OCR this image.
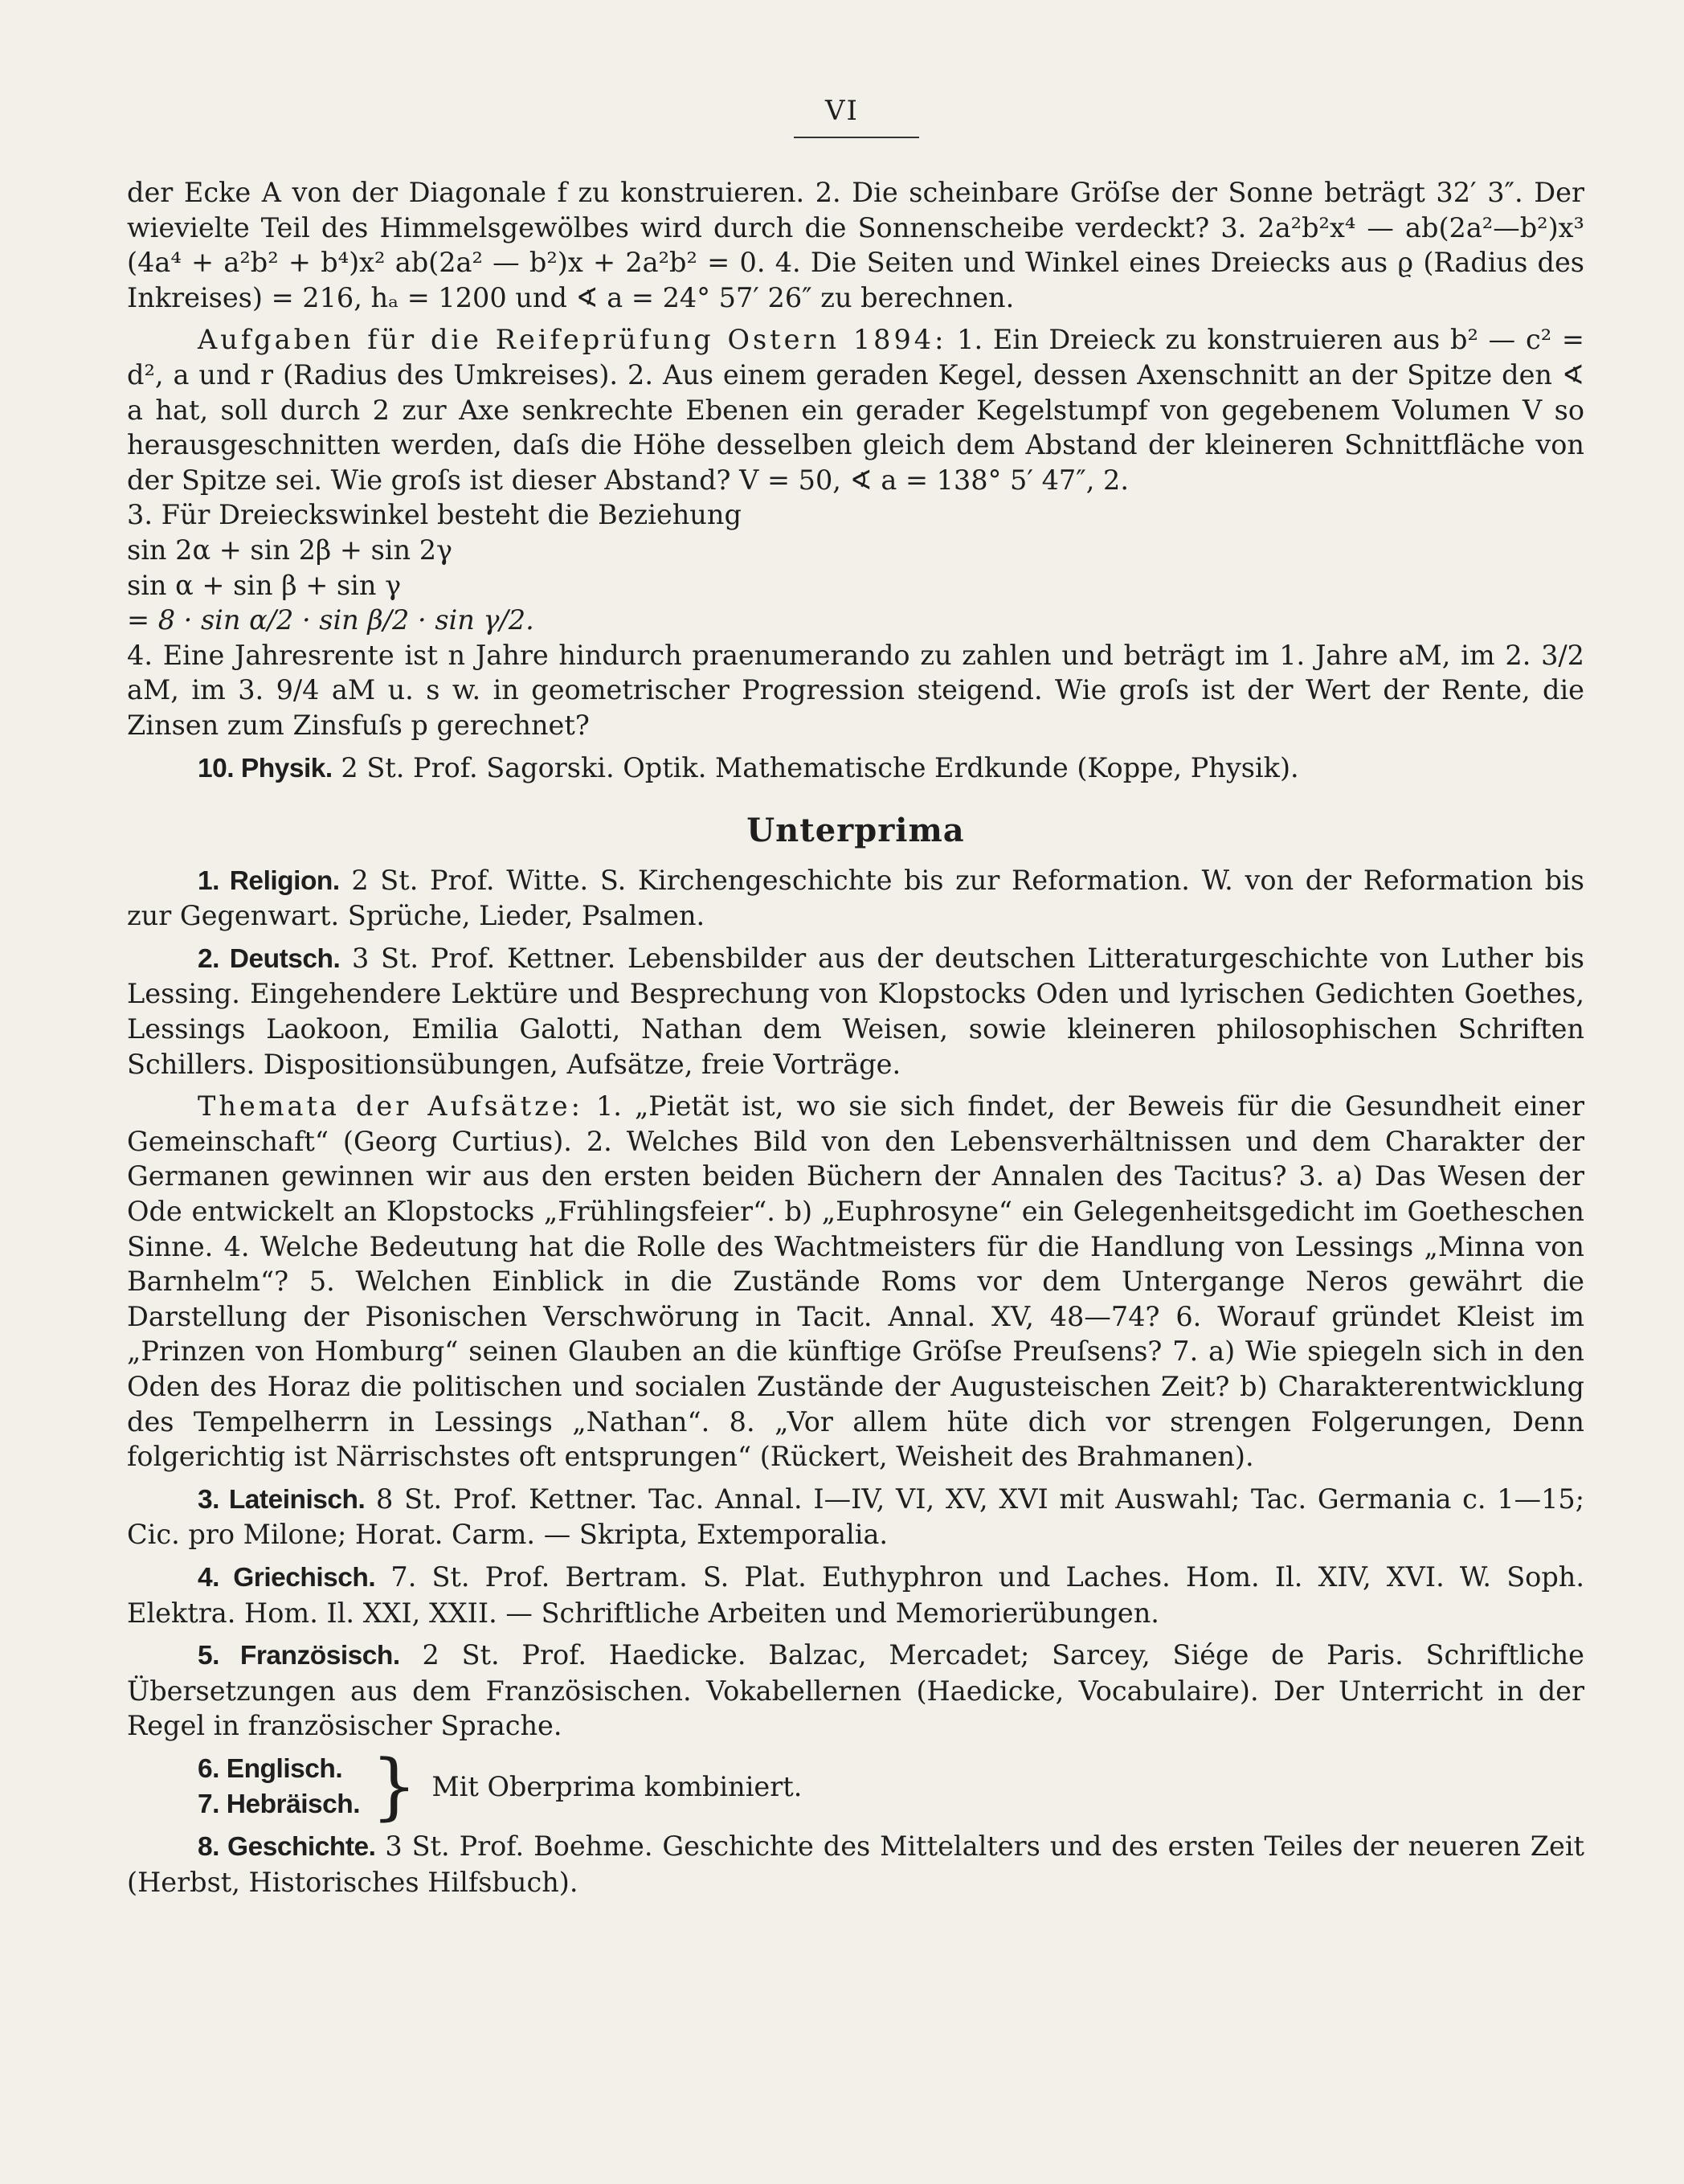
VI

der Ecke A von der Diagonale f zu konstruieren. 2. Die scheinbare Gröſse der Sonne beträgt 32′ 3″. Der wievielte Teil des Himmelsgewölbes wird durch die Sonnenscheibe verdeckt? 3. 2a²b²x⁴ — ab(2a²—b²)x³ (4a⁴ + a²b² + b⁴)x² ab(2a² — b²)x + 2a²b² = 0. 4. Die Seiten und Winkel eines Dreiecks aus ϱ (Radius des Inkreises) = 216, hₐ = 1200 und ∢ a = 24° 57′ 26″ zu berechnen.

Aufgaben für die Reifeprüfung Ostern 1894: 1. Ein Dreieck zu konstruieren aus b² — c² = d², a und r (Radius des Umkreises). 2. Aus einem geraden Kegel, dessen Axenschnitt an der Spitze den ∢ a hat, soll durch 2 zur Axe senkrechte Ebenen ein gerader Kegelstumpf von gegebenem Volumen V so herausgeschnitten werden, daſs die Höhe desselben gleich dem Abstand der kleineren Schnittfläche von der Spitze sei. Wie groſs ist dieser Abstand? V = 50, ∢ a = 138° 5′ 47″, 2.

3. Für Dreieckswinkel besteht die Beziehung

sin 2α + sin 2β + sin 2γ
sin α + sin β + sin γ
= 8 · sin α/2 · sin β/2 · sin γ/2.

4. Eine Jahresrente ist n Jahre hindurch praenumerando zu zahlen und beträgt im 1. Jahre aM, im 2. 3/2 aM, im 3. 9/4 aM u. s w. in geometrischer Progression steigend. Wie groſs ist der Wert der Rente, die Zinsen zum Zinsfuſs p gerechnet?

10. Physik. 2 St. Prof. Sagorski. Optik. Mathematische Erdkunde (Koppe, Physik).

Unterprima

1. Religion. 2 St. Prof. Witte. S. Kirchengeschichte bis zur Reformation. W. von der Reformation bis zur Gegenwart. Sprüche, Lieder, Psalmen.

2. Deutsch. 3 St. Prof. Kettner. Lebensbilder aus der deutschen Litteraturgeschichte von Luther bis Lessing. Eingehendere Lektüre und Besprechung von Klopstocks Oden und lyrischen Gedichten Goethes, Lessings Laokoon, Emilia Galotti, Nathan dem Weisen, sowie kleineren philosophischen Schriften Schillers. Dispositionsübungen, Aufsätze, freie Vorträge.

Themata der Aufsätze: 1. „Pietät ist, wo sie sich findet, der Beweis für die Gesundheit einer Gemeinschaft“ (Georg Curtius). 2. Welches Bild von den Lebensverhältnissen und dem Charakter der Germanen gewinnen wir aus den ersten beiden Büchern der Annalen des Tacitus? 3. a) Das Wesen der Ode entwickelt an Klopstocks „Frühlingsfeier“. b) „Euphrosyne“ ein Gelegenheitsgedicht im Goetheschen Sinne. 4. Welche Bedeutung hat die Rolle des Wachtmeisters für die Handlung von Lessings „Minna von Barnhelm“? 5. Welchen Einblick in die Zustände Roms vor dem Untergange Neros gewährt die Darstellung der Pisonischen Verschwörung in Tacit. Annal. XV, 48—74? 6. Worauf gründet Kleist im „Prinzen von Homburg“ seinen Glauben an die künftige Gröſse Preuſsens? 7. a) Wie spiegeln sich in den Oden des Horaz die politischen und socialen Zustände der Augusteischen Zeit? b) Charakterentwicklung des Tempelherrn in Lessings „Nathan“. 8. „Vor allem hüte dich vor strengen Folgerungen, Denn folgerichtig ist Närrischstes oft entsprungen“ (Rückert, Weisheit des Brahmanen).

3. Lateinisch. 8 St. Prof. Kettner. Tac. Annal. I—IV, VI, XV, XVI mit Auswahl; Tac. Germania c. 1—15; Cic. pro Milone; Horat. Carm. — Skripta, Extemporalia.

4. Griechisch. 7. St. Prof. Bertram. S. Plat. Euthyphron und Laches. Hom. Il. XIV, XVI. W. Soph. Elektra. Hom. Il. XXI, XXII. — Schriftliche Arbeiten und Memorierübungen.

5. Französisch. 2 St. Prof. Haedicke. Balzac, Mercadet; Sarcey, Siége de Paris. Schriftliche Übersetzungen aus dem Französischen. Vokabellernen (Haedicke, Vocabulaire). Der Unterricht in der Regel in französischer Sprache.

6. Englisch.
7. Hebräisch. } Mit Oberprima kombiniert.

8. Geschichte. 3 St. Prof. Boehme. Geschichte des Mittelalters und des ersten Teiles der neueren Zeit (Herbst, Historisches Hilfsbuch).
